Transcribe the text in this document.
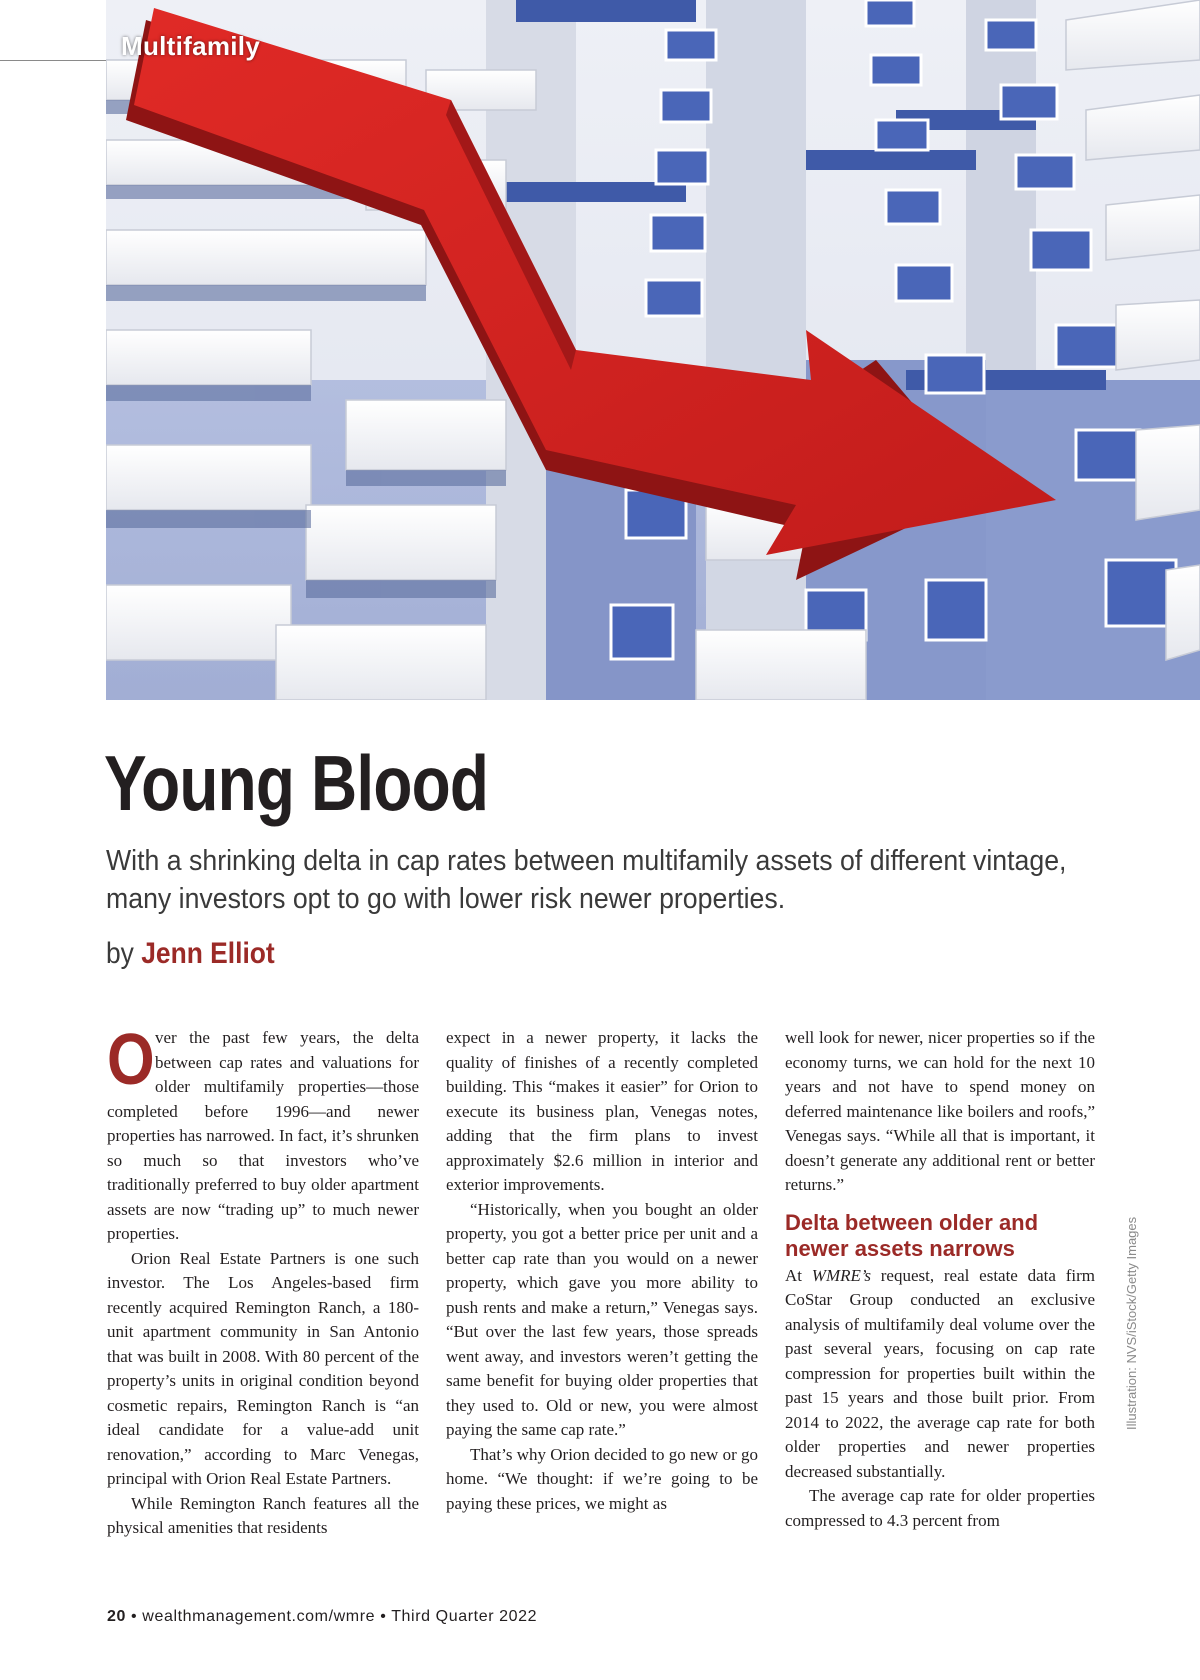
Multifamily
Young Blood
With a shrinking delta in cap rates between multifamily assets of different vintage, many investors opt to go with lower risk newer properties.
by Jenn Elliot

Over the past few years, the delta between cap rates and valuations for older multifamily properties—those completed before 1996—and newer properties has narrowed. In fact, it’s shrunken so much so that investors who’ve traditionally preferred to buy older apartment assets are now “trading up” to much newer properties.

Orion Real Estate Partners is one such investor. The Los Angeles-based firm recently acquired Remington Ranch, a 180-unit apartment community in San Antonio that was built in 2008. With 80 percent of the property’s units in original condition beyond cosmetic repairs, Remington Ranch is “an ideal candidate for a value-add unit renovation,” according to Marc Venegas, principal with Orion Real Estate Partners.

While Remington Ranch features all the physical amenities that residents

expect in a newer property, it lacks the quality of finishes of a recently completed building. This “makes it easier” for Orion to execute its business plan, Venegas notes, adding that the firm plans to invest approximately $2.6 million in interior and exterior improvements.

“Historically, when you bought an older property, you got a better price per unit and a better cap rate than you would on a newer property, which gave you more ability to push rents and make a return,” Venegas says. “But over the last few years, those spreads went away, and investors weren’t getting the same benefit for buying older properties that they used to. Old or new, you were almost paying the same cap rate.”

That’s why Orion decided to go new or go home. “We thought: if we’re going to be paying these prices, we might as

well look for newer, nicer properties so if the economy turns, we can hold for the next 10 years and not have to spend money on deferred maintenance like boilers and roofs,” Venegas says. “While all that is important, it doesn’t generate any additional rent or better returns.”

Delta between older and newer assets narrows

At WMRE’s request, real estate data firm CoStar Group conducted an exclusive analysis of multifamily deal volume over the past several years, focusing on cap rate compression for properties built within the past 15 years and those built prior. From 2014 to 2022, the average cap rate for both older properties and newer properties decreased substantially.

The average cap rate for older properties compressed to 4.3 percent from

Illustration: NVS/iStock/Getty Images
20 • wealthmanagement.com/wmre • Third Quarter 2022
